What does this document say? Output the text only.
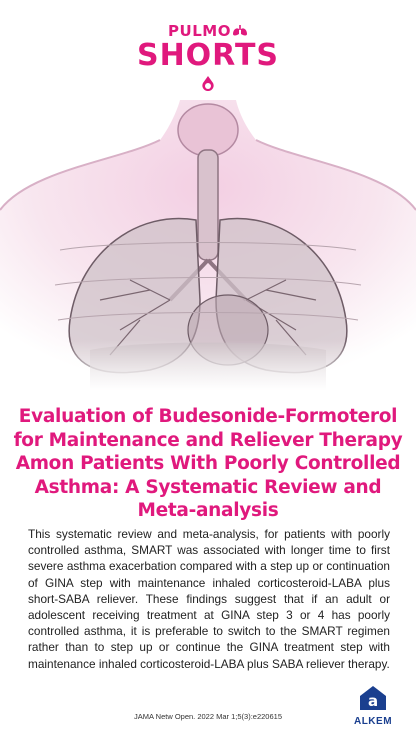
PULMO
SHORTS
Evaluation of Budesonide-Formoterol for Maintenance and Reliever Therapy Amon Patients With Poorly Controlled Asthma: A Systematic Review and Meta-analysis

This systematic review and meta-analysis, for patients with poorly controlled asthma, SMART was associated with longer time to first severe asthma exacerbation compared with a step up or continuation of GINA step with maintenance inhaled corticosteroid-LABA plus short-SABA reliever. These findings suggest that if an adult or adolescent receiving treatment at GINA step 3 or 4 has poorly controlled asthma, it is preferable to switch to the SMART regimen rather than to step up or continue the GINA treatment step with maintenance inhaled corticosteroid-LABA plus SABA reliever therapy.

JAMA Netw Open. 2022 Mar 1;5(3):e220615
a
ALKEM
